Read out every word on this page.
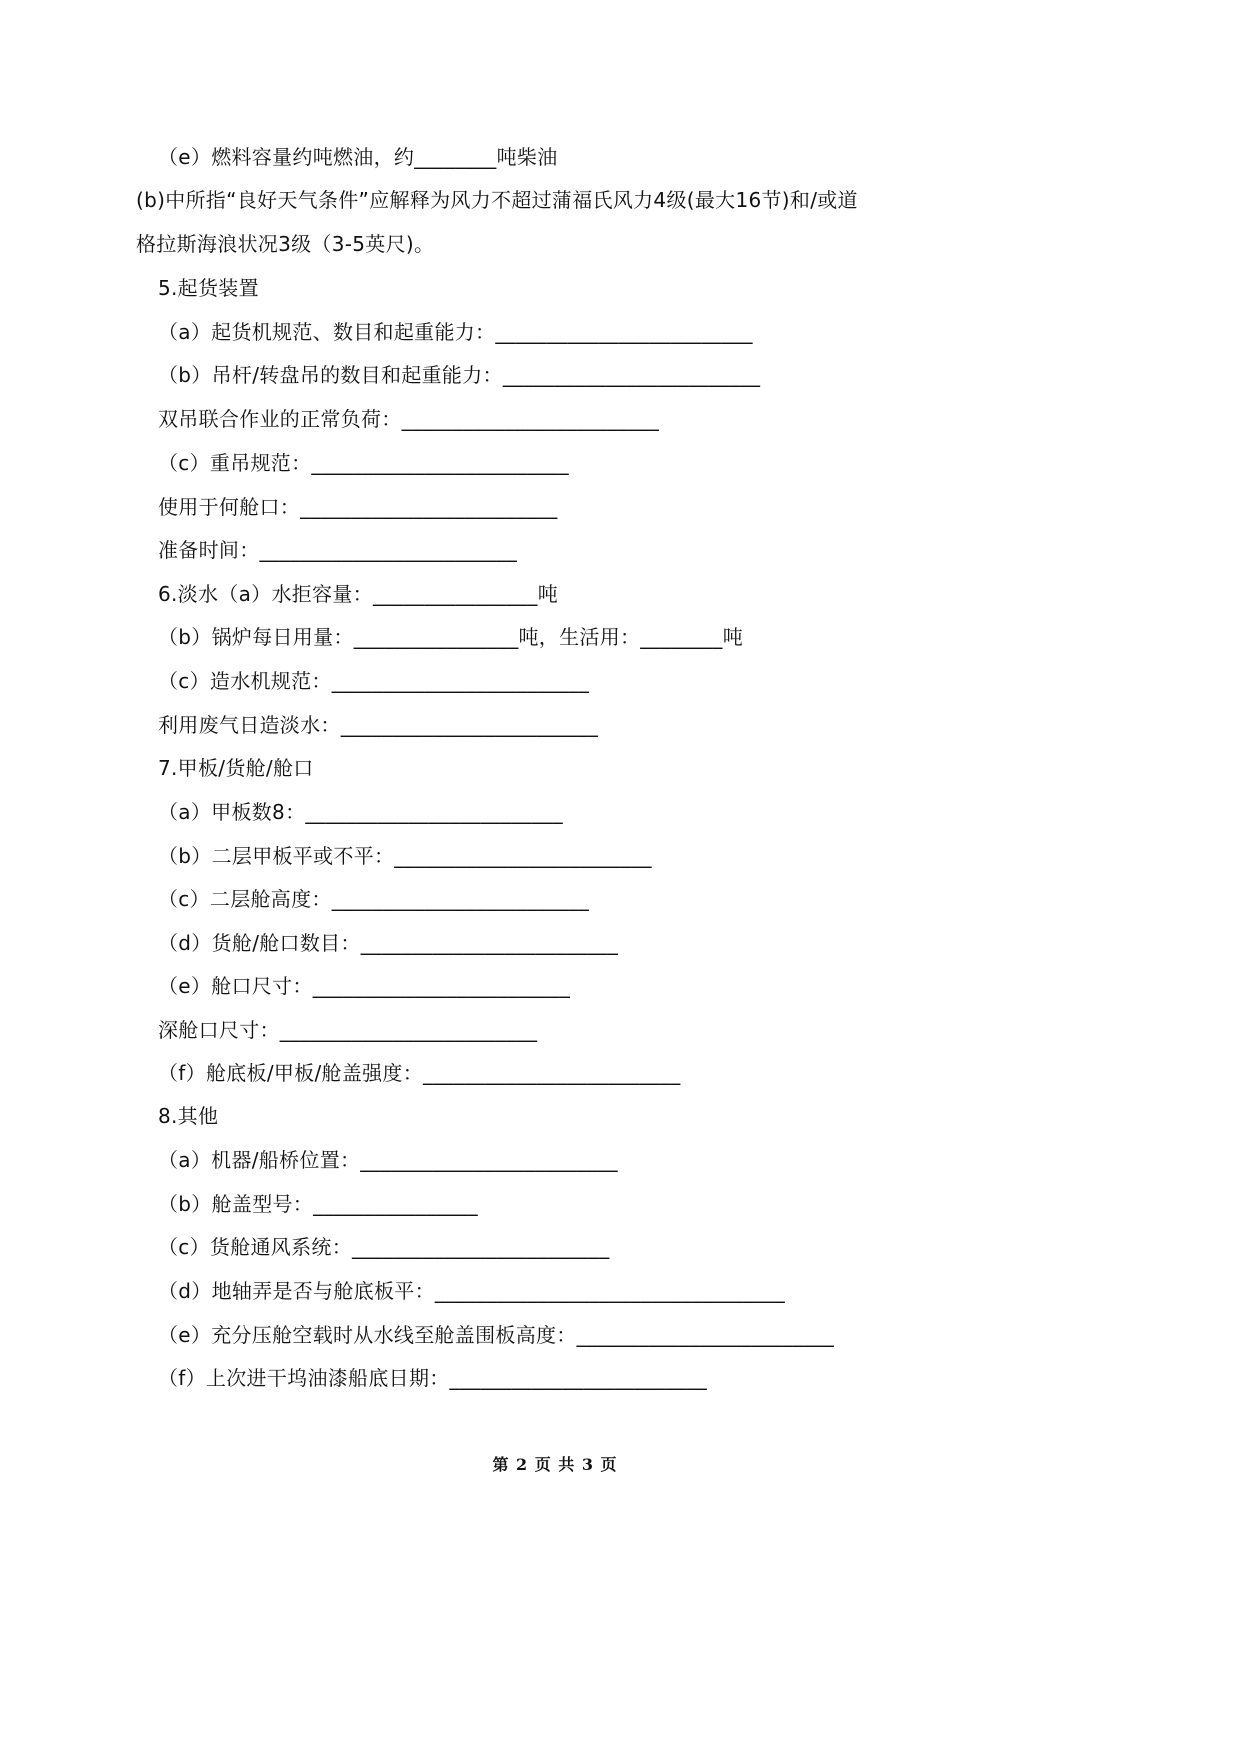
（e）燃料容量约吨燃油，约________吨柴油
(b)中所指“良好天气条件”应解释为风力不超过蒲福氏风力4级(最大16节)和/或道
格拉斯海浪状况3级（3-5英尺)。
5.起货装置
（a）起货机规范、数目和起重能力：_________________________
（b）吊杆/转盘吊的数目和起重能力：_________________________
双吊联合作业的正常负荷：_________________________
（c）重吊规范：_________________________
使用于何舱口：_________________________
准备时间：_________________________
6.淡水（a）水拒容量：________________吨
（b）锅炉每日用量：________________吨，生活用：________吨
（c）造水机规范：_________________________
利用废气日造淡水：_________________________
7.甲板/货舱/舱口
（a）甲板数8：_________________________
（b）二层甲板平或不平：_________________________
（c）二层舱高度：_________________________
（d）货舱/舱口数目：_________________________
（e）舱口尺寸：_________________________
深舱口尺寸：_________________________
（f）舱底板/甲板/舱盖强度：_________________________
8.其他
（a）机器/船桥位置：_________________________
（b）舱盖型号：________________
（c）货舱通风系统：_________________________
（d）地轴弄是否与舱底板平：__________________________________
（e）充分压舱空载时从水线至舱盖围板高度：_________________________
（f）上次进干坞油漆船底日期：_________________________
第 2 页 共 3 页
